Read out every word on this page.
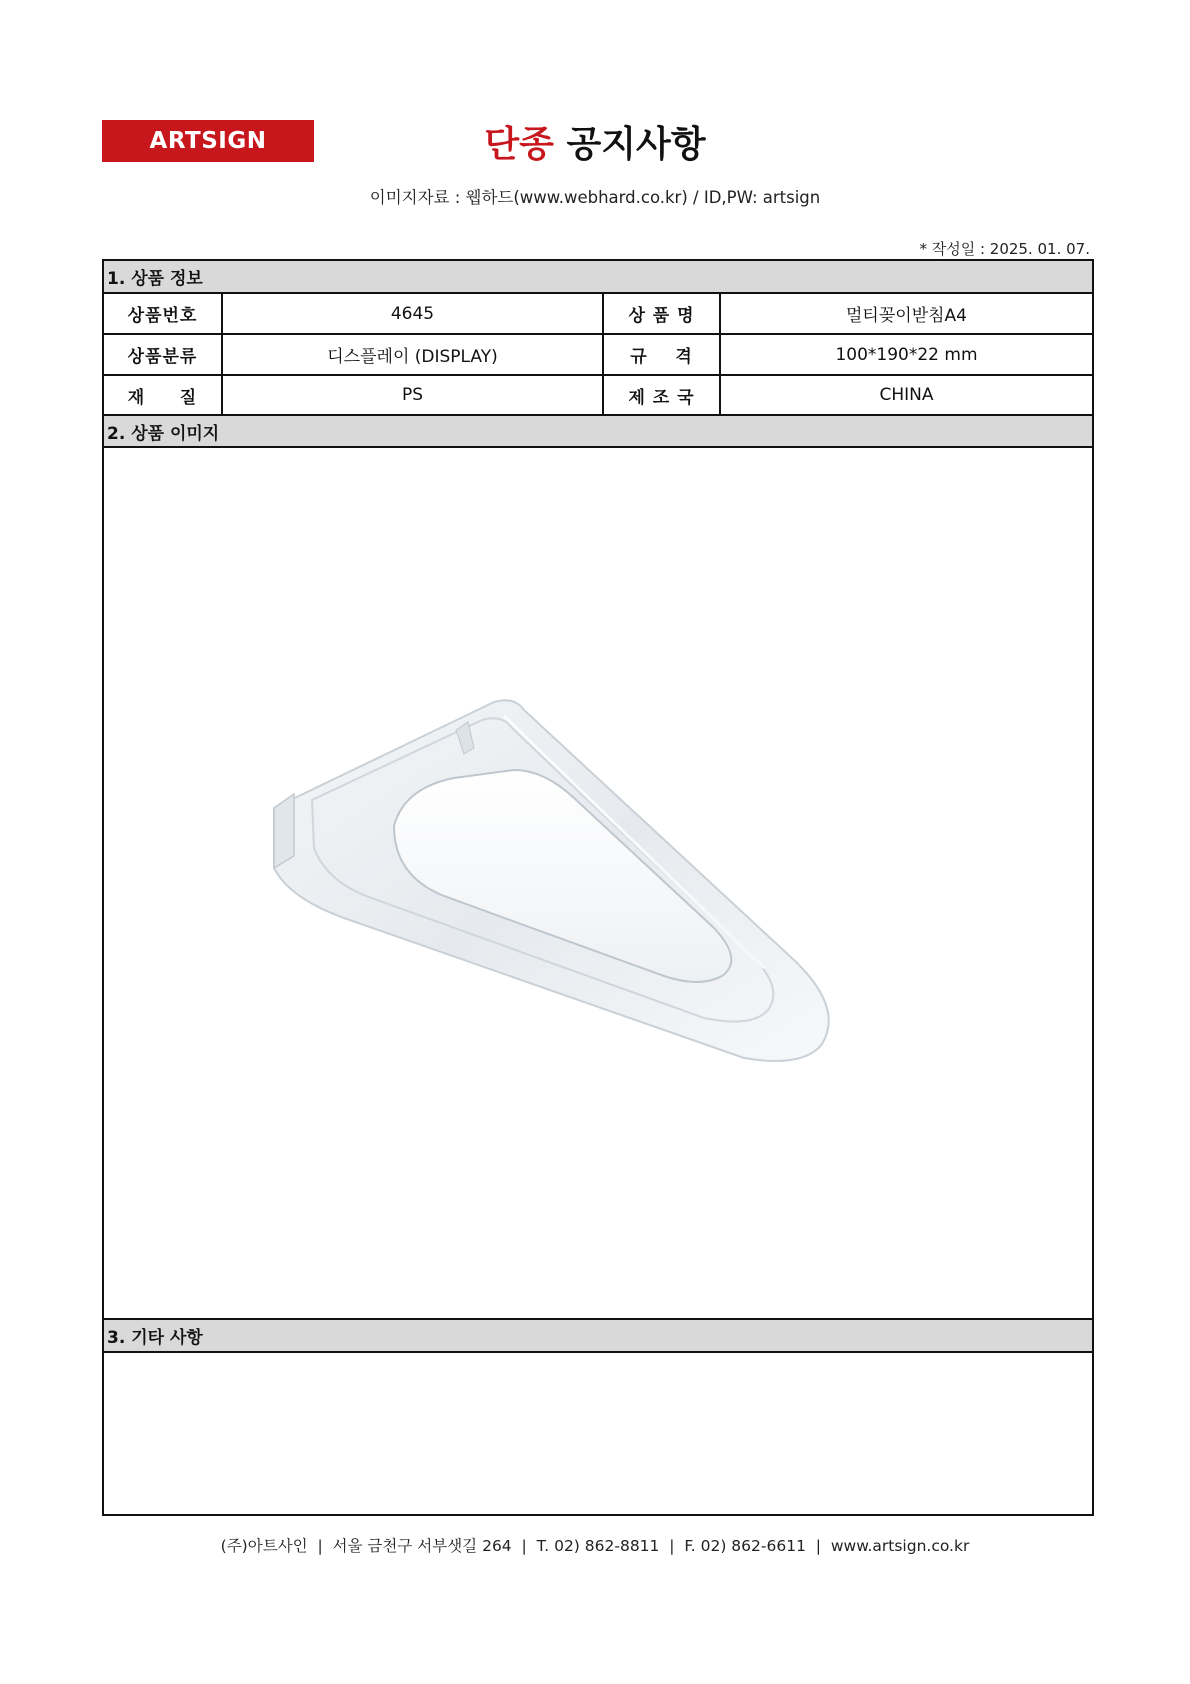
ARTSIGN	단종 공지사항
이미지자료 : 웹하드(www.webhard.co.kr) / ID,PW: artsign
* 작성일 : 2025. 01. 07.
1. 상품 정보
상품번호	4645	상 품 명	멀티꽂이받침A4
상품분류	디스플레이 (DISPLAY)	규    격	100*190*22 mm
재     질	PS	제 조 국	CHINA
2. 상품 이미지
3. 기타 사항
(주)아트사인  |  서울 금천구 서부샛길 264  |  T. 02) 862-8811  |  F. 02) 862-6611  |  www.artsign.co.kr
